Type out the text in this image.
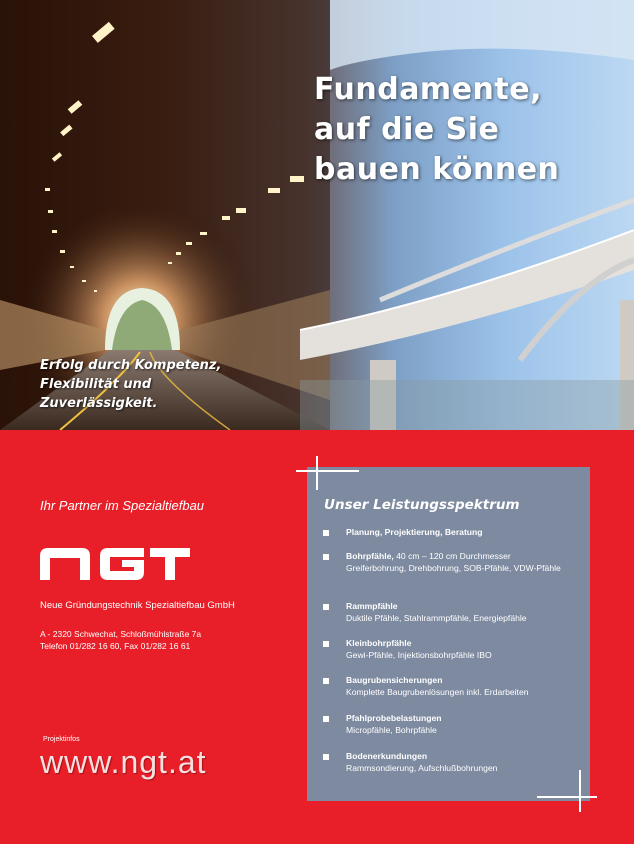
Fundamente,
auf die Sie
bauen können
Erfolg durch Kompetenz,
Flexibilität und
Zuverlässigkeit.
Ihr Partner im Spezialtiefbau
Neue Gründungstechnik Spezialtiefbau GmbH
A - 2320 Schwechat, Schloßmühlstraße 7a
Telefon 01/282 16 60, Fax 01/282 16 61
Projektinfos
www.ngt.at
Unser Leistungsspektrum
Planung, Projektierung, Beratung
Bohrpfähle, 40 cm – 120 cm Durchmesser
Greiferbohrung, Drehbohrung, SOB-Pfähle, VDW-Pfähle
Rammpfähle
Duktile Pfähle, Stahlrammpfähle, Energiepfähle
Kleinbohrpfähle
Gewi-Pfähle, Injektionsbohrpfähle IBO
Baugrubensicherungen
Komplette Baugrubenlösungen inkl. Erdarbeiten
Pfahlprobebelastungen
Micropfähle, Bohrpfähle
Bodenerkundungen
Rammsondierung, Aufschlußbohrungen
